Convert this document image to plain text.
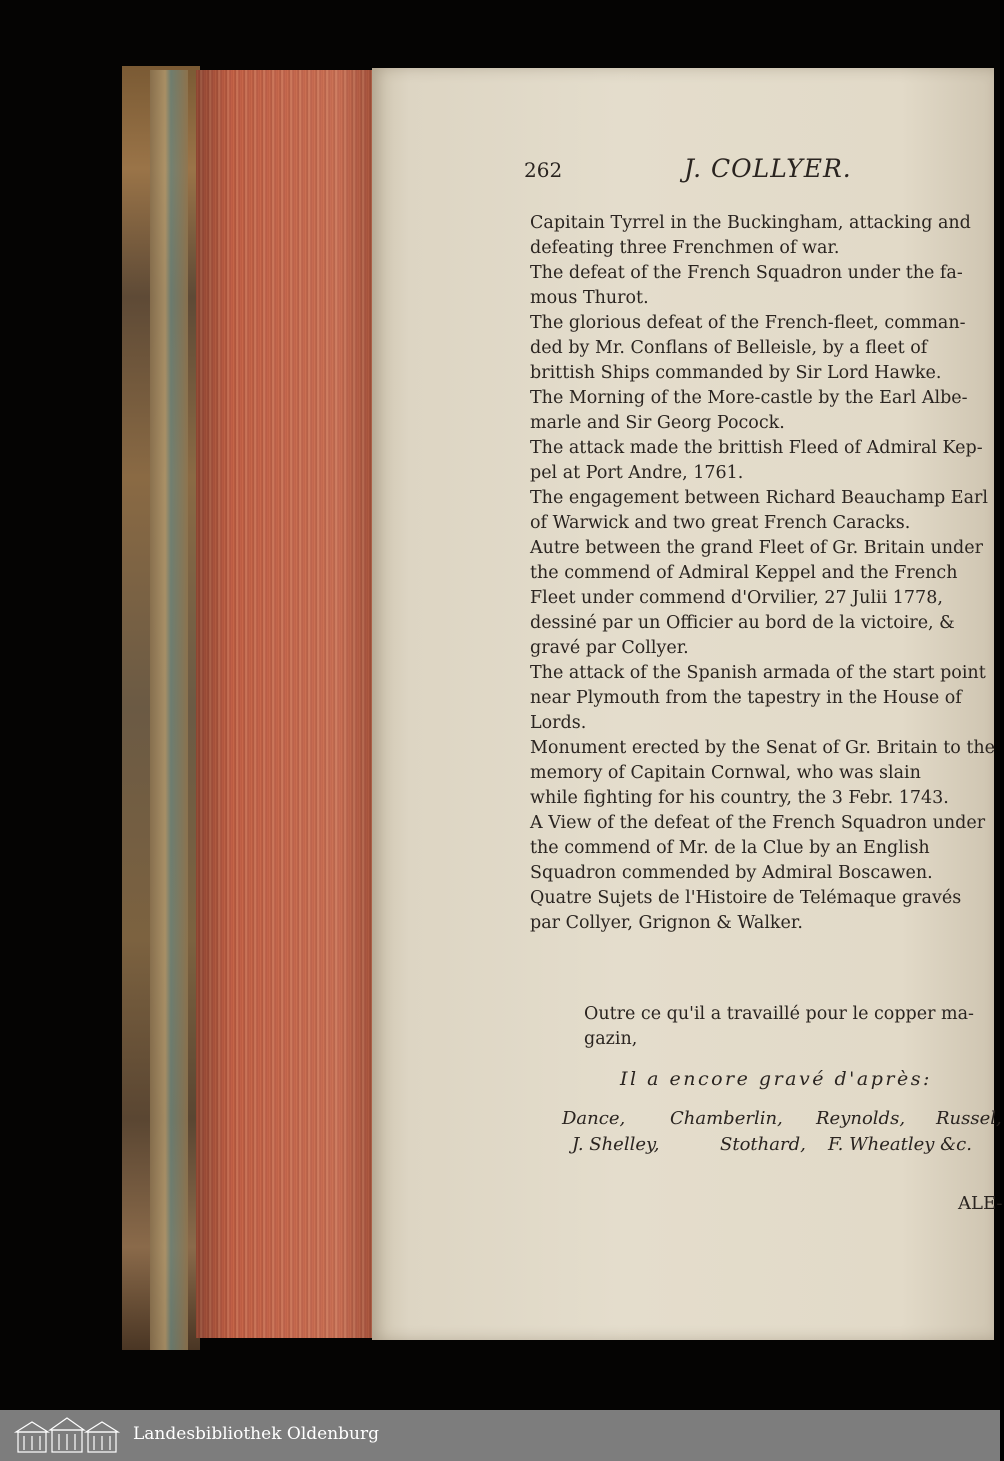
262	J. COLLYER.
Capitain Tyrrel in the Buckingham, attacking and
defeating three Frenchmen of war.
The defeat of the French Squadron under the fa-
mous Thurot.
The glorious defeat of the French-fleet, comman-
ded by Mr. Conflans of Belleisle, by a fleet of
brittish Ships commanded by Sir Lord Hawke.
The Morning of the More-castle by the Earl Albe-
marle and Sir Georg Pocock.
The attack made the brittish Fleed of Admiral Kep-
pel at Port Andre, 1761.
The engagement between Richard Beauchamp Earl
of Warwick and two great French Caracks.
Autre between the grand Fleet of Gr. Britain under
the commend of Admiral Keppel and the French
Fleet under commend d'Orvilier, 27 Julii 1778,
dessiné par un Officier au bord de la victoire, &
gravé par Collyer.
The attack of the Spanish armada of the start point
near Plymouth from the tapestry in the House of
Lords.
Monument erected by the Senat of Gr. Britain to the
memory of Capitain Cornwal, who was slain
while fighting for his country, the 3 Febr. 1743.
A View of the defeat of the French Squadron under
the commend of Mr. de la Clue by an English
Squadron commended by Admiral Boscawen.
Quatre Sujets de l'Histoire de Telémaque gravés
par Collyer, Grignon & Walker.
Outre ce qu'il a travaillé pour le copper ma-
gazin,
Il a encore gravé d'après:
Dance, Chamberlin, Reynolds, Russel,
J. Shelley,	Stothard, F. Wheatley &c.
ALE-
Landesbibliothek Oldenburg
